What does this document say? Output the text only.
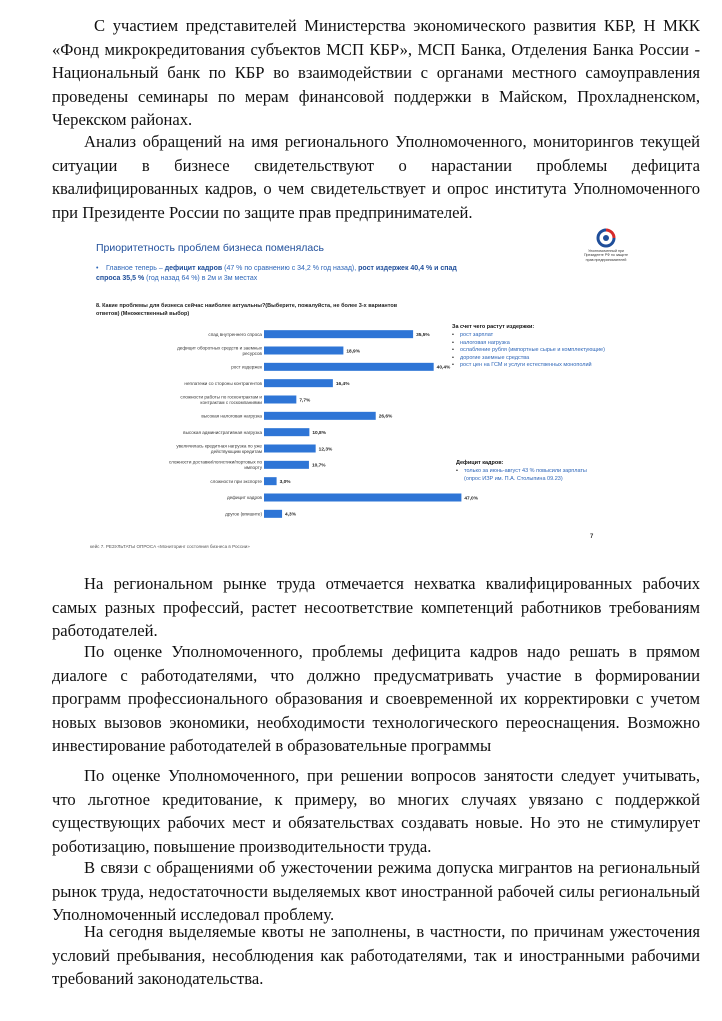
С участием представителей Министерства экономического развития КБР, Н МКК «Фонд микрокредитования субъектов МСП КБР», МСП Банка, Отделения Банка России - Национальный банк по КБР во взаимодействии с органами местного самоуправления проведены семинары по мерам финансовой поддержки в Майском, Прохладненском, Черекском районах.

Анализ обращений на имя регионального Уполномоченного, мониторингов текущей ситуации в бизнесе свидетельствуют о нарастании проблемы дефицита квалифицированных кадров, о чем свидетельствует и опрос института Уполномоченного при Президенте России по защите прав предпринимателей.

Приоритетность проблем бизнеса поменялась	Уполномоченный при Президенте РФ по защите прав предпринимателей
• Главное теперь – дефицит кадров (47 % по сравнению с 34,2 % год назад), рост издержек 40,4 % и спад спроса 35,5 % (год назад 64 %) в 2м и 3м местах
8. Какие проблемы для бизнеса сейчас наиболее актуальны?(Выберите, пожалуйста, не более 3-х вариантов ответов) (Множественный выбор)
спад внутреннего спроса	35,5%
дефицит оборотных средств и заемных ресурсов	18,9%
рост издержек	40,4%
неплатежи со стороны контрагентов	16,4%
сложности работы по госконтрактам и контрактам с госкомпаниями	7,7%
высокая налоговая нагрузка	26,6%
высокая административная нагрузка	10,8%
увеличилась кредитная нагрузка по уже действующим кредитам	12,3%
сложности доставки/логистики/портовых по импорту	10,7%
сложности при экспорте	3,0%
дефицит кадров	47,0%
другое (впишите)	4,3%
За счет чего растут издержки:
• рост зарплат
• налоговая нагрузка
• ослабление рубля (импортные сырье и комплектующие)
• дорогие заемные средства
• рост цен на ГСМ и услуги естественных монополий
Дефицит кадров:
• только за июнь-август 43 % повысили зарплаты (опрос ИЗР им. П.А. Столыпина 09.23)
7
кейс 7. РЕЗУЛЬТАТЫ ОПРОСА «Мониторинг состояния бизнеса в России»

На региональном рынке труда отмечается нехватка квалифицированных рабочих самых разных профессий, растет несоответствие компетенций работников требованиям работодателей.

По оценке Уполномоченного, проблемы дефицита кадров надо решать в прямом диалоге с работодателями, что должно предусматривать участие в формировании программ профессионального образования и своевременной их корректировки с учетом новых вызовов экономики, необходимости технологического переоснащения. Возможно инвестирование работодателей в образовательные программы

По оценке Уполномоченного, при решении вопросов занятости следует учитывать, что льготное кредитование, к примеру, во многих случаях увязано с поддержкой существующих рабочих мест и обязательствах создавать новые. Но это не стимулирует роботизацию, повышение производительности труда.

В связи с обращениями об ужесточении режима допуска мигрантов на региональный рынок труда, недостаточности выделяемых квот иностранной рабочей силы региональный Уполномоченный исследовал проблему.

На сегодня выделяемые квоты не заполнены, в частности, по причинам ужесточения условий пребывания, несоблюдения как работодателями, так и иностранными рабочими требований законодательства.
